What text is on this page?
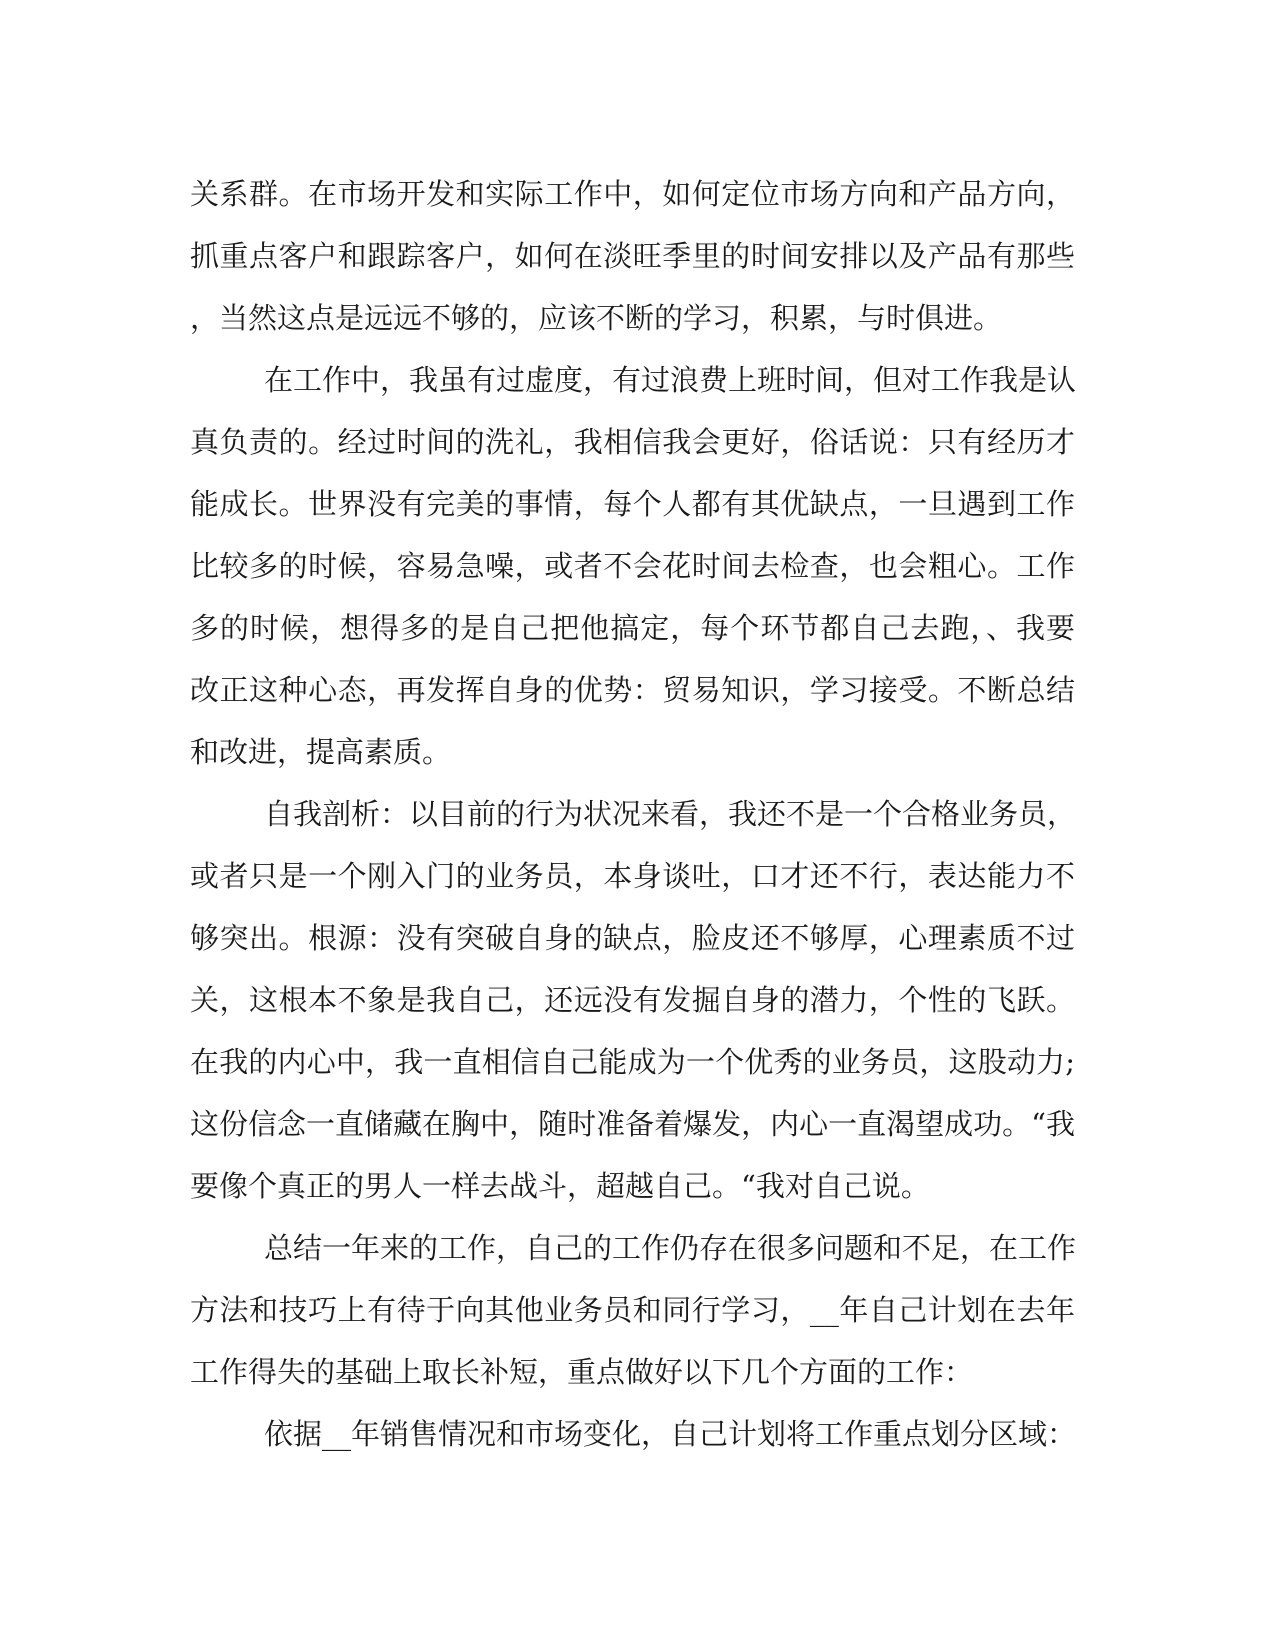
关系群。在市场开发和实际工作中，如何定位市场方向和产品方向，
抓重点客户和跟踪客户，如何在淡旺季里的时间安排以及产品有那些
，当然这点是远远不够的，应该不断的学习，积累，与时俱进。
在工作中，我虽有过虚度，有过浪费上班时间，但对工作我是认
真负责的。经过时间的洗礼，我相信我会更好，俗话说：只有经历才
能成长。世界没有完美的事情，每个人都有其优缺点，一旦遇到工作
比较多的时候，容易急噪，或者不会花时间去检查，也会粗心。工作
多的时候，想得多的是自己把他搞定，每个环节都自己去跑，、我要
改正这种心态，再发挥自身的优势：贸易知识，学习接受。不断总结
和改进，提高素质。
自我剖析：以目前的行为状况来看，我还不是一个合格业务员，
或者只是一个刚入门的业务员，本身谈吐，口才还不行，表达能力不
够突出。根源：没有突破自身的缺点，脸皮还不够厚，心理素质不过
关，这根本不象是我自己，还远没有发掘自身的潜力，个性的飞跃。
在我的内心中，我一直相信自己能成为一个优秀的业务员，这股动力;
这份信念一直储藏在胸中，随时准备着爆发，内心一直渴望成功。“我
要像个真正的男人一样去战斗，超越自己。“我对自己说。
总结一年来的工作，自己的工作仍存在很多问题和不足，在工作
方法和技巧上有待于向其他业务员和同行学习，__年自己计划在去年
工作得失的基础上取长补短，重点做好以下几个方面的工作：
依据__年销售情况和市场变化，自己计划将工作重点划分区域：
